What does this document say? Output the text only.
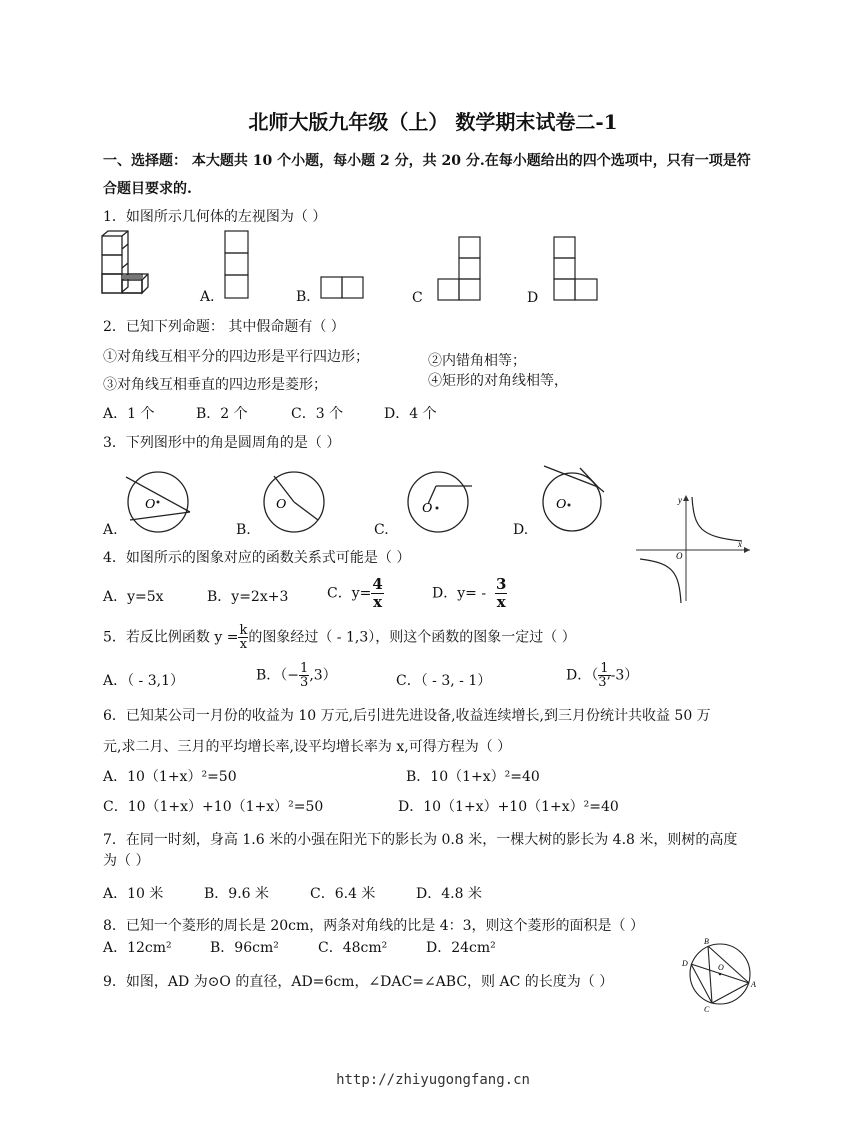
北师大版九年级（上） 数学期末试卷二-1
一、选择题： 本大题共 10 个小题，每小题 2 分，共 20 分.在每小题给出的四个选项中，只有一项是符
合题目要求的.
1．如图所示几何体的左视图为（ ）
A．	B．	C	D
2．已知下列命题： 其中假命题有（ ）
①对角线互相平分的四边形是平行四边形；	②内错角相等；
③对角线互相垂直的四边形是菱形；	④矩形的对角线相等，
A．1 个	B．2 个	C．3 个	D．4 个
3．下列图形中的角是圆周角的是（ ）
A.
O
B.
O
C.
O
D.
O	y
x
O
4．如图所示的图象对应的函数关系式可能是（ ）
A．y=5x	B．y=2x+3	C．$y= \frac{4}{x}$	D．$y= - \frac{3}{x}$
5．若反比例函数 $y = \frac{k}{x}$ 的图象经过（ - 1,3），则这个函数的图象一定过（ ）
A．（ - 3,1）	B．（− $\frac{1}{3} ,3$）	C．（ - 3, - 1）	D．（ $\frac{1}{3’} -3$）
6．已知某公司一月份的收益为 10 万元,后引进先进设备,收益连续增长,到三月份统计共收益 50 万
元,求二月、三月的平均增长率,设平均增长率为 x,可得方程为（ ）
A．10（1+x）²=50	B．10（1+x）²=40
C．10（1+x）+10（1+x）²=50	D．10（1+x）+10（1+x）²=40
7．在同一时刻，身高 1.6 米的小强在阳光下的影长为 0.8 米，一棵大树的影长为 4.8 米，则树的高度
为（ ）
A．10 米	B．9.6 米	C．6.4 米	D．4.8 米
8．已知一个菱形的周长是 20cm，两条对角线的比是 4：3，则这个菱形的面积是（ ）
A．12cm²	B．96cm²	C．48cm²	D．24cm²
9．如图，AD 为⊙O 的直径，AD=6cm，∠DAC=∠ABC，则 AC 的长度为（ ）
B
D	O
A
C
http://zhiyugongfang.cn
